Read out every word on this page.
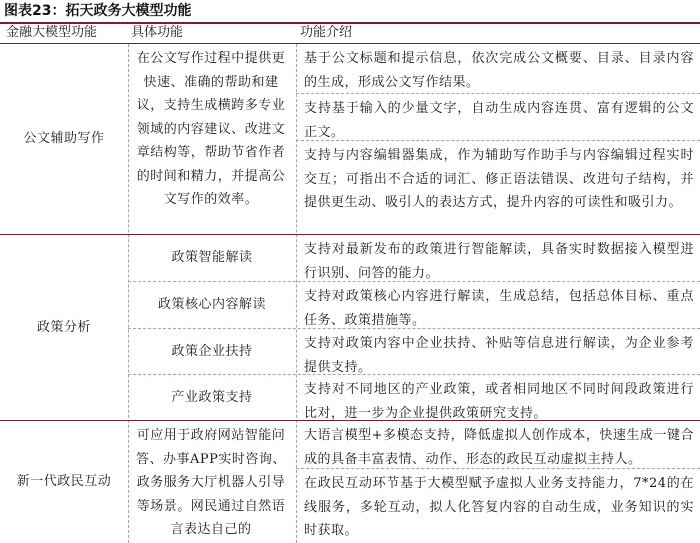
图表23：拓天政务大模型功能
金融大模型功能	具体功能	功能介绍
公文辅助写作
在公文写作过程中提供更快速、准确的帮助和建议，支持生成横跨多专业领域的内容建议、改进文章结构等，帮助节省作者的时间和精力，并提高公文写作的效率。
基于公文标题和提示信息，依次完成公文概要、目录、目录内容的生成，形成公文写作结果。
支持基于输入的少量文字，自动生成内容连贯、富有逻辑的公文正文。
支持与内容编辑器集成，作为辅助写作助手与内容编辑过程实时交互；可指出不合适的词汇、修正语法错误、改进句子结构，并提供更生动、吸引人的表达方式，提升内容的可读性和吸引力。
政策分析
政策智能解读
支持对最新发布的政策进行智能解读，具备实时数据接入模型进行识别、问答的能力。
政策核心内容解读
支持对政策核心内容进行解读，生成总结，包括总体目标、重点任务、政策措施等。
政策企业扶持
支持对政策内容中企业扶持、补贴等信息进行解读，为企业参考提供支持。
产业政策支持
支持对不同地区的产业政策，或者相同地区不同时间段政策进行比对，进一步为企业提供政策研究支持。
新一代政民互动
可应用于政府网站智能问答、办事APP实时咨询、政务服务大厅机器人引导等场景。网民通过自然语言表达自己的
大语言模型+多模态支持，降低虚拟人创作成本，快速生成一键合成的具备丰富表情、动作、形态的政民互动虚拟主持人。
在政民互动环节基于大模型赋予虚拟人业务支持能力，7*24的在线服务，多轮互动，拟人化答复内容的自动生成，业务知识的实时获取。
